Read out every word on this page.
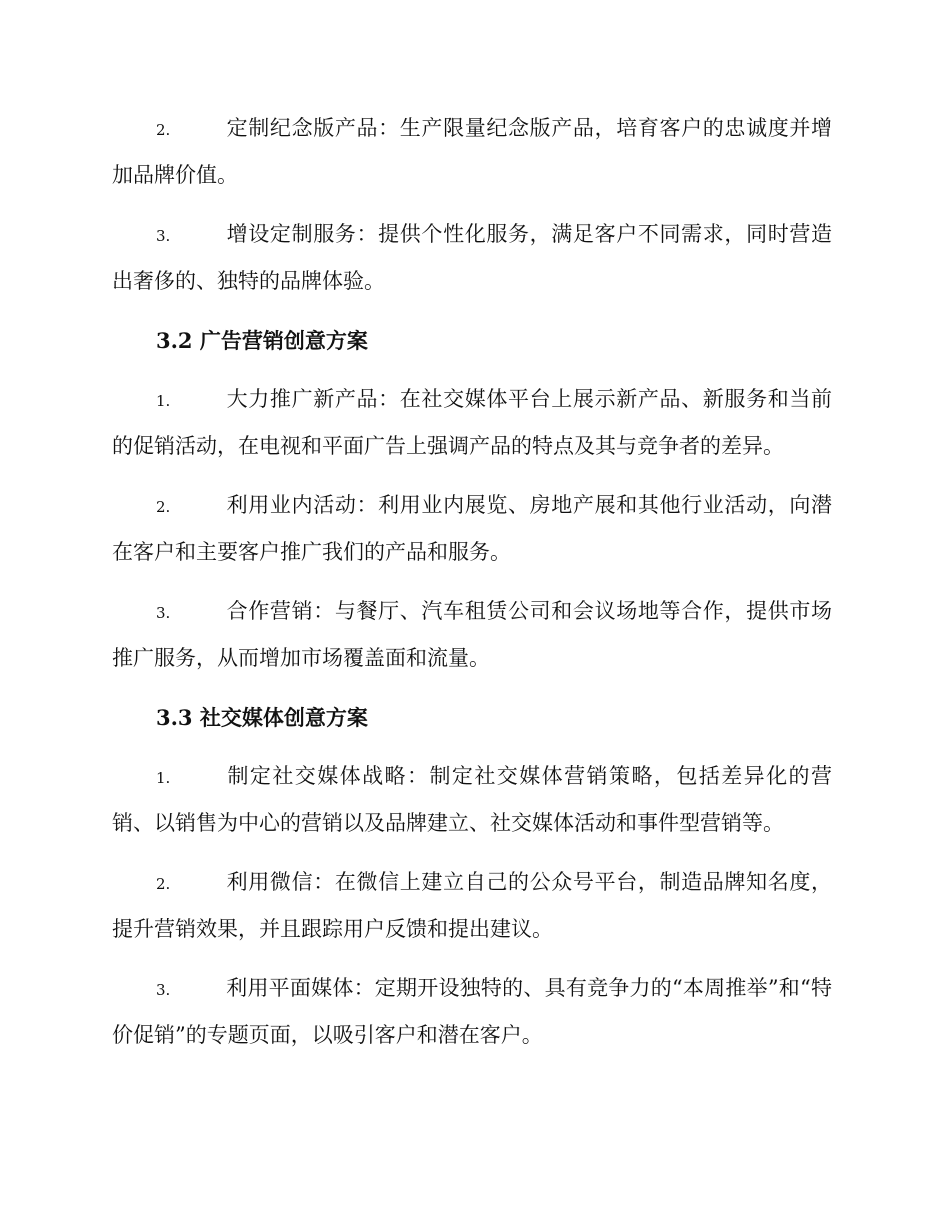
2.	定制纪念版产品：生产限量纪念版产品，培育客户的忠诚度并增加品牌价值。

3.	增设定制服务：提供个性化服务，满足客户不同需求，同时营造出奢侈的、独特的品牌体验。

3.2 广告营销创意方案

1.	大力推广新产品：在社交媒体平台上展示新产品、新服务和当前的促销活动，在电视和平面广告上强调产品的特点及其与竞争者的差异。

2.	利用业内活动：利用业内展览、房地产展和其他行业活动，向潜在客户和主要客户推广我们的产品和服务。

3.	合作营销：与餐厅、汽车租赁公司和会议场地等合作，提供市场推广服务，从而增加市场覆盖面和流量。

3.3 社交媒体创意方案

1.	制定社交媒体战略：制定社交媒体营销策略，包括差异化的营销、以销售为中心的营销以及品牌建立、社交媒体活动和事件型营销等。

2.	利用微信：在微信上建立自己的公众号平台，制造品牌知名度，提升营销效果，并且跟踪用户反馈和提出建议。

3.	利用平面媒体：定期开设独特的、具有竞争力的“本周推举”和“特价促销”的专题页面，以吸引客户和潜在客户。
